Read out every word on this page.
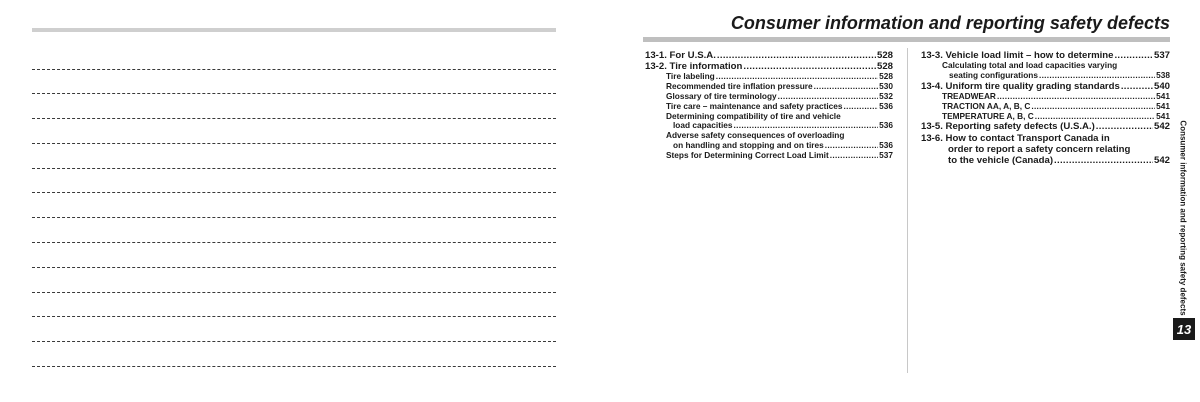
Consumer information and reporting safety defects
13-1. For U.S.A. .....	528
13-2. Tire information .....	528
Tire labeling .....	528
Recommended tire inflation pressure .....	530
Glossary of tire terminology .....	532
Tire care – maintenance and safety practices .....	536
Determining compatibility of tire and vehicle
load capacities .....	536
Adverse safety consequences of overloading
on handling and stopping and on tires .....	536
Steps for Determining Correct Load Limit .....	537
13-3. Vehicle load limit – how to determine .....	537
Calculating total and load capacities varying
seating configurations .....	538
13-4. Uniform tire quality grading standards .....	540
TREADWEAR .....	541
TRACTION AA, A, B, C .....	541
TEMPERATURE A, B, C .....	541
13-5. Reporting safety defects (U.S.A.) .....	542
13-6. How to contact Transport Canada in
order to report a safety concern relating
to the vehicle (Canada) .....	542 Consumer information and reporting safety defects
13
